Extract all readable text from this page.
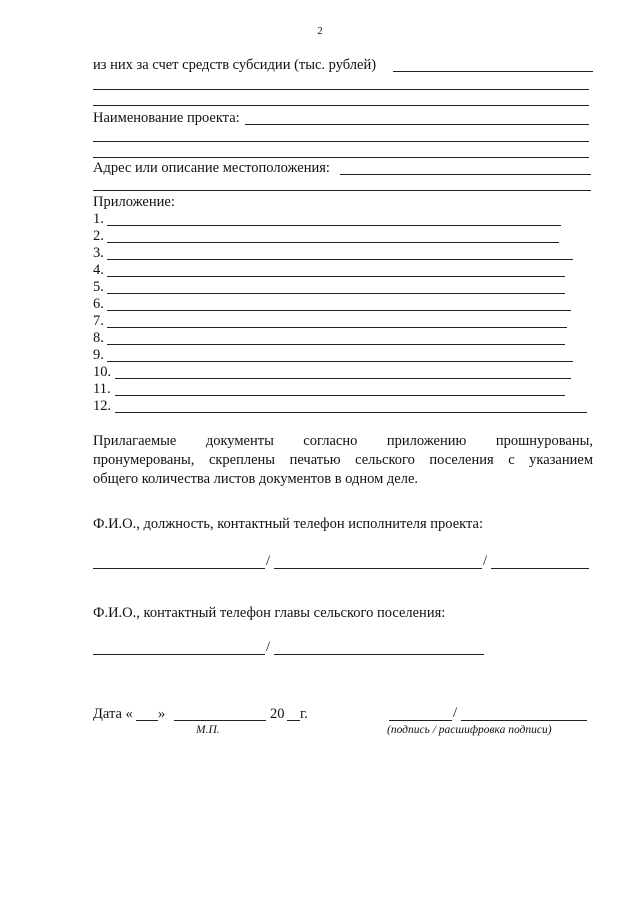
2
из них за счет средств субсидии (тыс. рублей)
Наименование проекта:
Адрес или описание местоположения:
Приложение:
1.
2.
3.
4.
5.
6.
7.
8.
9.
10.
11.
12.
Прилагаемые документы согласно приложению прошнурованы,
пронумерованы, скреплены печатью сельского поселения с указанием
общего количества листов документов в одном деле.
Ф.И.О., должность, контактный телефон исполнителя проекта:
/	/
Ф.И.О., контактный телефон главы сельского поселения:
/
Дата « »	20 г.
М.П.
/
(подпись / расшифровка подписи)
